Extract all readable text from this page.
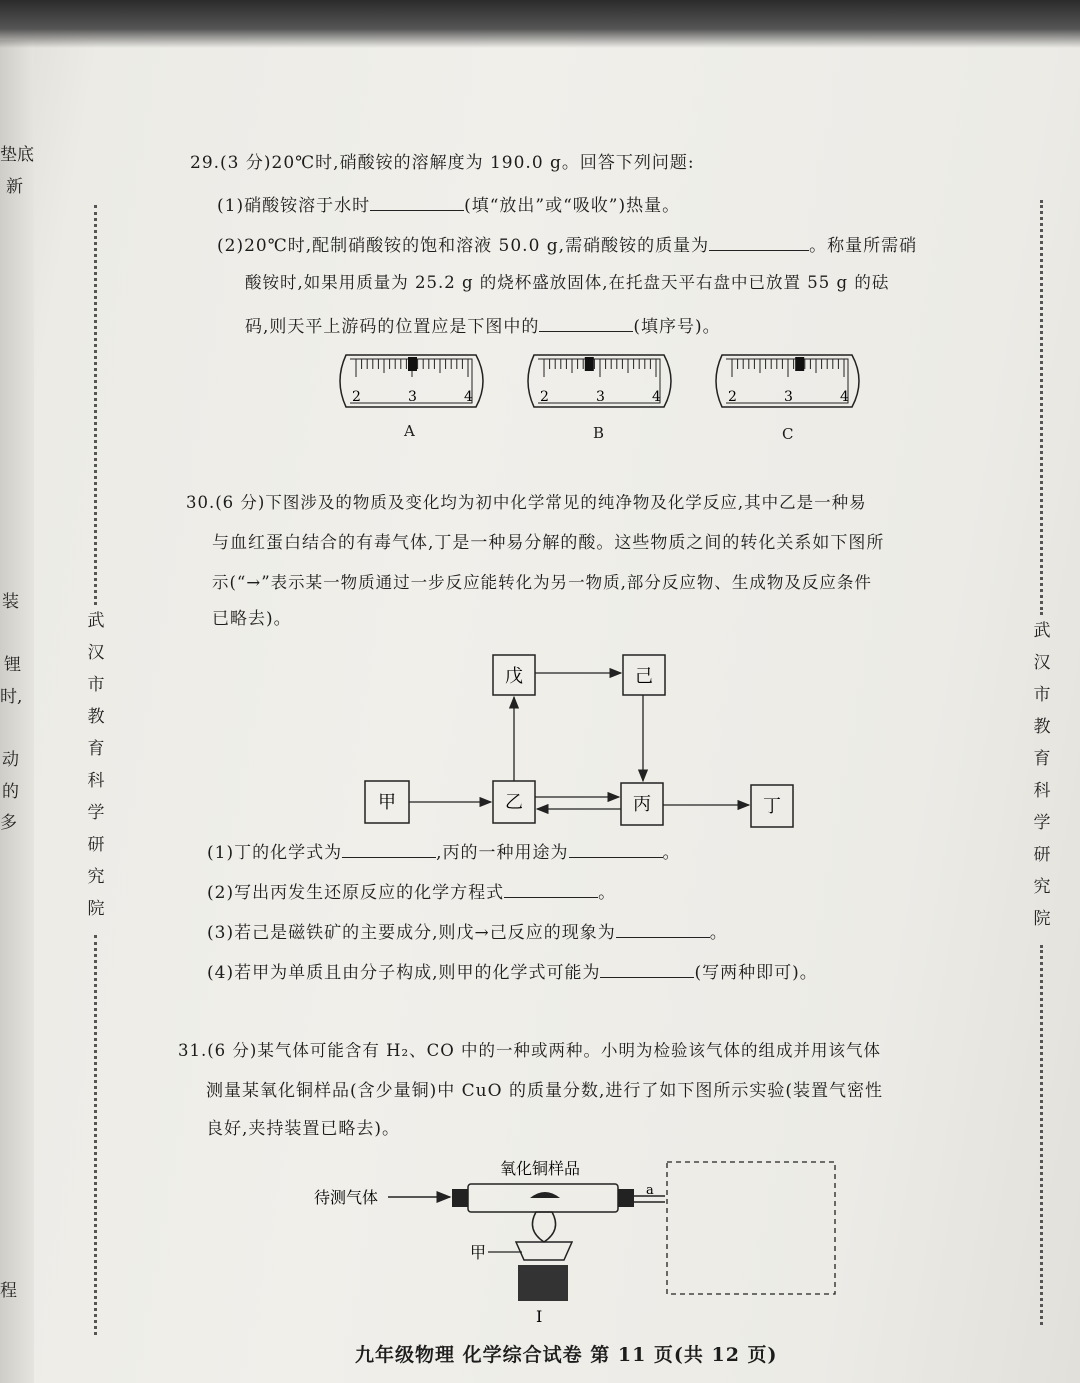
垫底
新
装
锂
时,
动
的
多
程
武
汉
市
教
育
科
学
研
究
院
武
汉
市
教
育
科
学
研
究
院
29.(3 分)20℃时,硝酸铵的溶解度为 190.0 g。回答下列问题:
(1)硝酸铵溶于水时	(填“放出”或“吸收”)热量。
(2)20℃时,配制硝酸铵的饱和溶液 50.0 g,需硝酸铵的质量为	。称量所需硝
酸铵时,如果用质量为 25.2 g 的烧杯盛放固体,在托盘天平右盘中已放置 55 g 的砝
码,则天平上游码的位置应是下图中的	(填序号)。
2	3	4	2	3	4	2	3	4
A	B	C
30.(6 分)下图涉及的物质及变化均为初中化学常见的纯净物及化学反应,其中乙是一种易
与血红蛋白结合的有毒气体,丁是一种易分解的酸。这些物质之间的转化关系如下图所
示(“→”表示某一物质通过一步反应能转化为另一物质,部分反应物、生成物及反应条件
已略去)。
戊	己
甲	乙	丙	丁
(1)丁的化学式为	,丙的一种用途为	。
(2)写出丙发生还原反应的化学方程式	。
(3)若己是磁铁矿的主要成分,则戊→己反应的现象为	。
(4)若甲为单质且由分子构成,则甲的化学式可能为	(写两种即可)。
31.(6 分)某气体可能含有 H₂、CO 中的一种或两种。小明为检验该气体的组成并用该气体
测量某氧化铜样品(含少量铜)中 CuO 的质量分数,进行了如下图所示实验(装置气密性
良好,夹持装置已略去)。
氧化铜样品
待测气体	a
甲
I
九年级物理 化学综合试卷 第 11 页(共 12 页)
